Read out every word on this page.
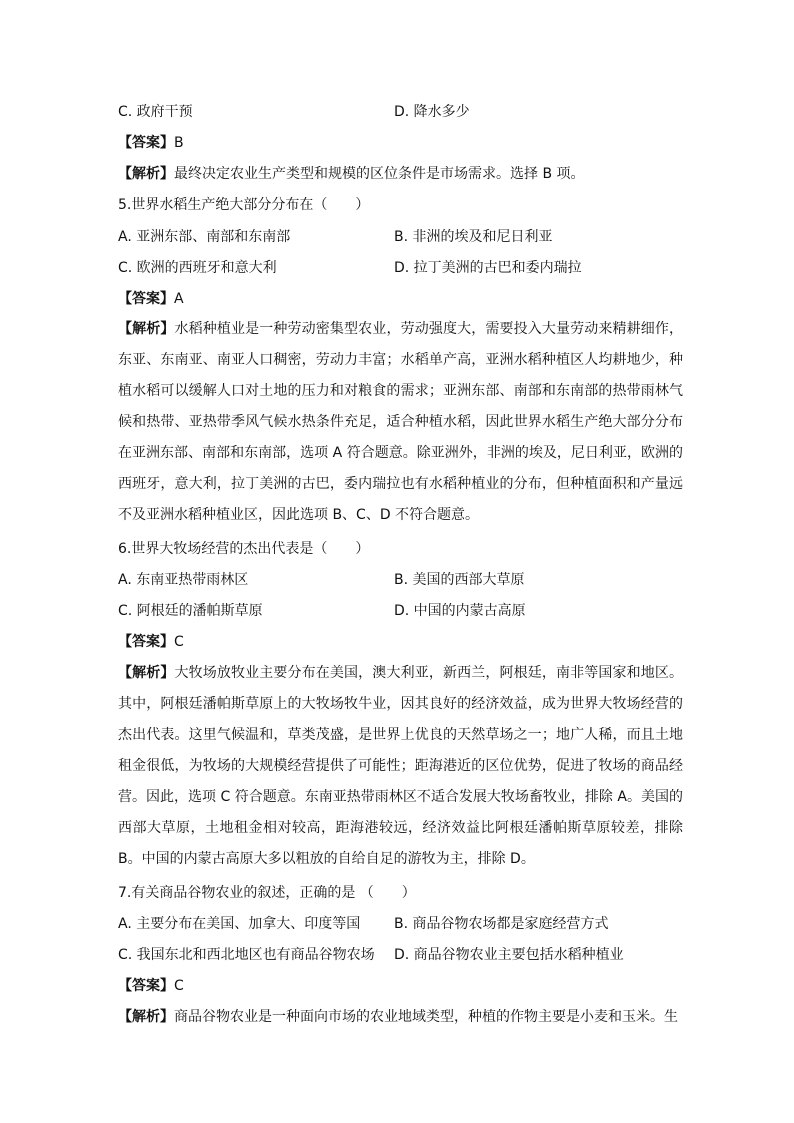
C. 政府干预	D. 降水多少
【答案】B
【解析】最终决定农业生产类型和规模的区位条件是市场需求。选择 B 项。
5.世界水稻生产绝大部分分布在（　　）
A. 亚洲东部、南部和东南部	B. 非洲的埃及和尼日利亚
C. 欧洲的西班牙和意大利	D. 拉丁美洲的古巴和委内瑞拉
【答案】A
【解析】水稻种植业是一种劳动密集型农业，劳动强度大，需要投入大量劳动来精耕细作，东亚、东南亚、南亚人口稠密，劳动力丰富；水稻单产高，亚洲水稻种植区人均耕地少，种植水稻可以缓解人口对土地的压力和对粮食的需求；亚洲东部、南部和东南部的热带雨林气候和热带、亚热带季风气候水热条件充足，适合种植水稻，因此世界水稻生产绝大部分分布在亚洲东部、南部和东南部，选项 A 符合题意。除亚洲外，非洲的埃及，尼日利亚，欧洲的西班牙，意大利，拉丁美洲的古巴，委内瑞拉也有水稻种植业的分布，但种植面积和产量远不及亚洲水稻种植业区，因此选项 B、C、D 不符合题意。
6.世界大牧场经营的杰出代表是（　　）
A. 东南亚热带雨林区	B. 美国的西部大草原
C. 阿根廷的潘帕斯草原	D. 中国的内蒙古高原
【答案】C
【解析】大牧场放牧业主要分布在美国，澳大利亚，新西兰，阿根廷，南非等国家和地区。其中，阿根廷潘帕斯草原上的大牧场牧牛业，因其良好的经济效益，成为世界大牧场经营的杰出代表。这里气候温和，草类茂盛，是世界上优良的天然草场之一；地广人稀，而且土地租金很低，为牧场的大规模经营提供了可能性；距海港近的区位优势，促进了牧场的商品经营。因此，选项 C 符合题意。东南亚热带雨林区不适合发展大牧场畜牧业，排除 A。美国的西部大草原，土地租金相对较高，距海港较远，经济效益比阿根廷潘帕斯草原较差，排除 B。中国的内蒙古高原大多以粗放的自给自足的游牧为主，排除 D。
7.有关商品谷物农业的叙述，正确的是 （　　）
A. 主要分布在美国、加拿大、印度等国 B. 商品谷物农场都是家庭经营方式
C. 我国东北和西北地区也有商品谷物农场 D. 商品谷物农业主要包括水稻种植业
【答案】C
【解析】商品谷物农业是一种面向市场的农业地域类型，种植的作物主要是小麦和玉米。生
